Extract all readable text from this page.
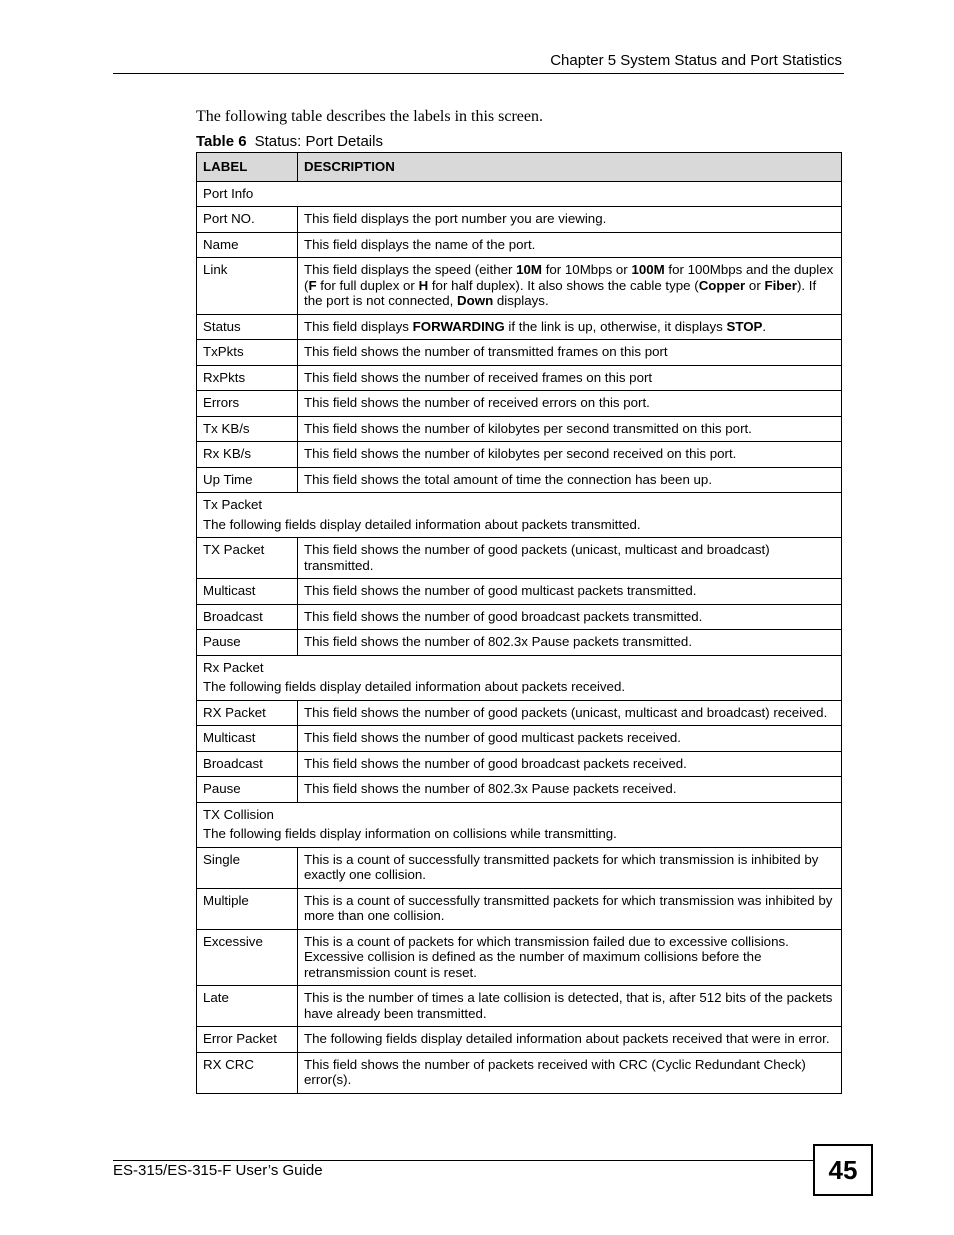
Chapter 5 System Status and Port Statistics
The following table describes the labels in this screen.
Table 6 Status: Port Details
LABEL	DESCRIPTION

Port Info	

Port NO.	This field displays the port number you are viewing.
Name	This field displays the name of the port.
Link	This field displays the speed (either 10M for 10Mbps or 100M for 100Mbps and the duplex (F for full duplex or H for half duplex). It also shows the cable type (Copper or Fiber). If the port is not connected, Down displays.
Status	This field displays FORWARDING if the link is up, otherwise, it displays STOP.
TxPkts	This field shows the number of transmitted frames on this port
RxPkts	This field shows the number of received frames on this port
Errors	This field shows the number of received errors on this port.
Tx KB/s	This field shows the number of kilobytes per second transmitted on this port.
Rx KB/s	This field shows the number of kilobytes per second received on this port.
Up Time	This field shows the total amount of time the connection has been up.

Tx Packet
The following fields display detailed information about packets transmitted.	

TX Packet	This field shows the number of good packets (unicast, multicast and broadcast) transmitted.
Multicast	This field shows the number of good multicast packets transmitted.
Broadcast	This field shows the number of good broadcast packets transmitted.
Pause	This field shows the number of 802.3x Pause packets transmitted.

Rx Packet
The following fields display detailed information about packets received.	

RX Packet	This field shows the number of good packets (unicast, multicast and broadcast) received.
Multicast	This field shows the number of good multicast packets received.
Broadcast	This field shows the number of good broadcast packets received.
Pause	This field shows the number of 802.3x Pause packets received.

TX Collision
The following fields display information on collisions while transmitting.	

Single	This is a count of successfully transmitted packets for which transmission is inhibited by exactly one collision.
Multiple	This is a count of successfully transmitted packets for which transmission was inhibited by more than one collision.
Excessive	This is a count of packets for which transmission failed due to excessive collisions. Excessive collision is defined as the number of maximum collisions before the retransmission count is reset.
Late	This is the number of times a late collision is detected, that is, after 512 bits of the packets have already been transmitted.
Error Packet	The following fields display detailed information about packets received that were in error.
RX CRC	This field shows the number of packets received with CRC (Cyclic Redundant Check) error(s).
ES-315/ES-315-F User’s Guide	45
